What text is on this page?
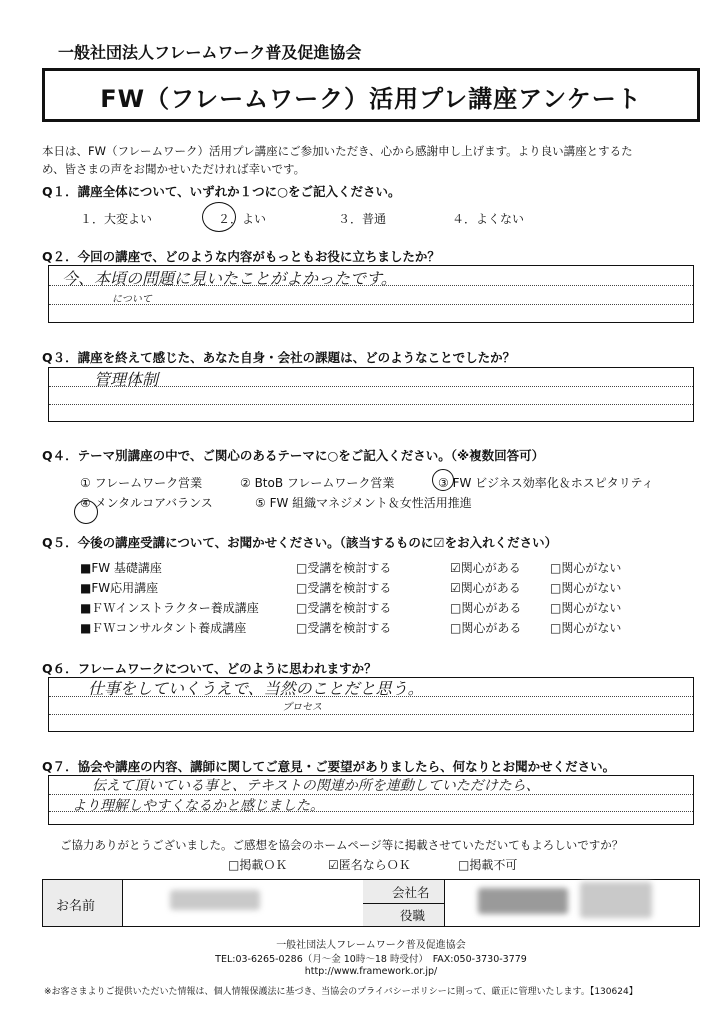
一般社団法人フレームワーク普及促進協会
FW（フレームワーク）活用プレ講座アンケート
本日は、FW（フレームワーク）活用プレ講座にご参加いただき、心から感謝申し上げます。より良い講座とするた
め、皆さまの声をお聞かせいただければ幸いです。
Q１．講座全体について、いずれか１つに○をご記入ください。
１．大変よい	２．よい	３．普通	４．よくない
Q２．今回の講座で、どのような内容がもっともお役に立ちましたか？
今、本頃の問題に見いたことがよかったです。
について
Q３．講座を終えて感じた、あなた自身・会社の課題は、どのようなことでしたか？
管理体制
Q４．テーマ別講座の中で、ご関心のあるテーマに○をご記入ください。（※複数回答可）
① フレームワーク営業	② BtoB フレームワーク営業	③ FW ビジネス効率化＆ホスピタリティ
④ メンタルコアバランス	⑤ FW 組織マネジメント＆女性活用推進
Q５．今後の講座受講について、お聞かせください。（該当するものに☑をお入れください）
■FW 基礎講座	□受講を検討する	☑関心がある □関心がない
■FW応用講座	□受講を検討する	☑関心がある □関心がない
■ＦＷインストラクター養成講座	□受講を検討する	□関心がある □関心がない
■ＦＷコンサルタント養成講座	□受講を検討する	□関心がある □関心がない
Q６．フレームワークについて、どのように思われますか？
仕事をしていくうえで、当然のことだと思う。
プロセス
Q７．協会や講座の内容、講師に関してご意見・ご要望がありましたら、何なりとお聞かせください。
伝えて頂いている事と、テキストの関連か所を連動していただけたら、
より理解しやすくなるかと感じました。
ご協力ありがとうございました。ご感想を協会のホームページ等に掲載させていただいてもよろしいですか？
□掲載ＯＫ	☑匿名ならＯＫ	□掲載不可
お名前
会社名
役職
一般社団法人フレームワーク普及促進協会
TEL:03-6265-0286（月～金 10時～18 時受付）　FAX:050-3730-3779
http://www.framework.or.jp/
※お客さまよりご提供いただいた情報は、個人情報保護法に基づき、当協会のプライバシーポリシーに則って、厳正に管理いたします。【130624】
